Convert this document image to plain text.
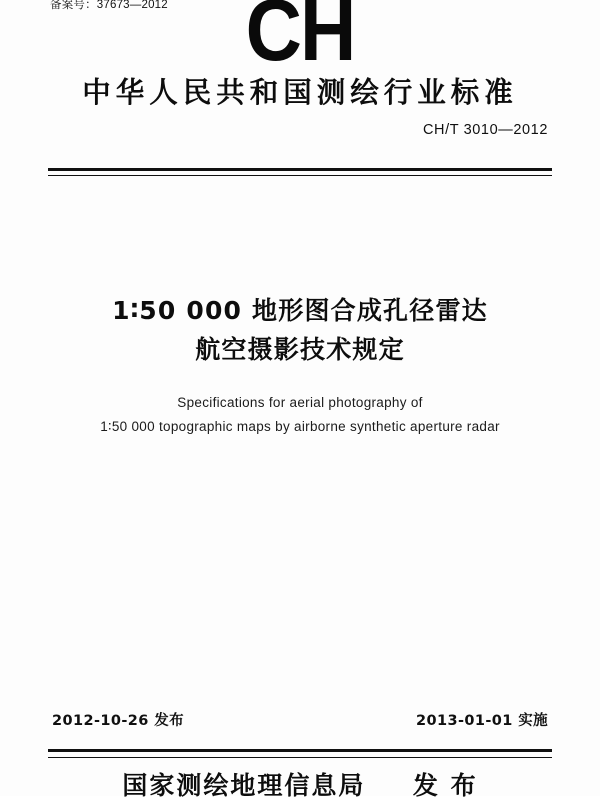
备案号：37673—2012 CH
中华人民共和国测绘行业标准
CH/T 3010—2012
1∶50 000 地形图合成孔径雷达
航空摄影技术规定
Specifications for aerial photography of
1∶50 000 topographic maps by airborne synthetic aperture radar
2012-10-26 发布	2013-01-01 实施
国家测绘地理信息局 发 布
